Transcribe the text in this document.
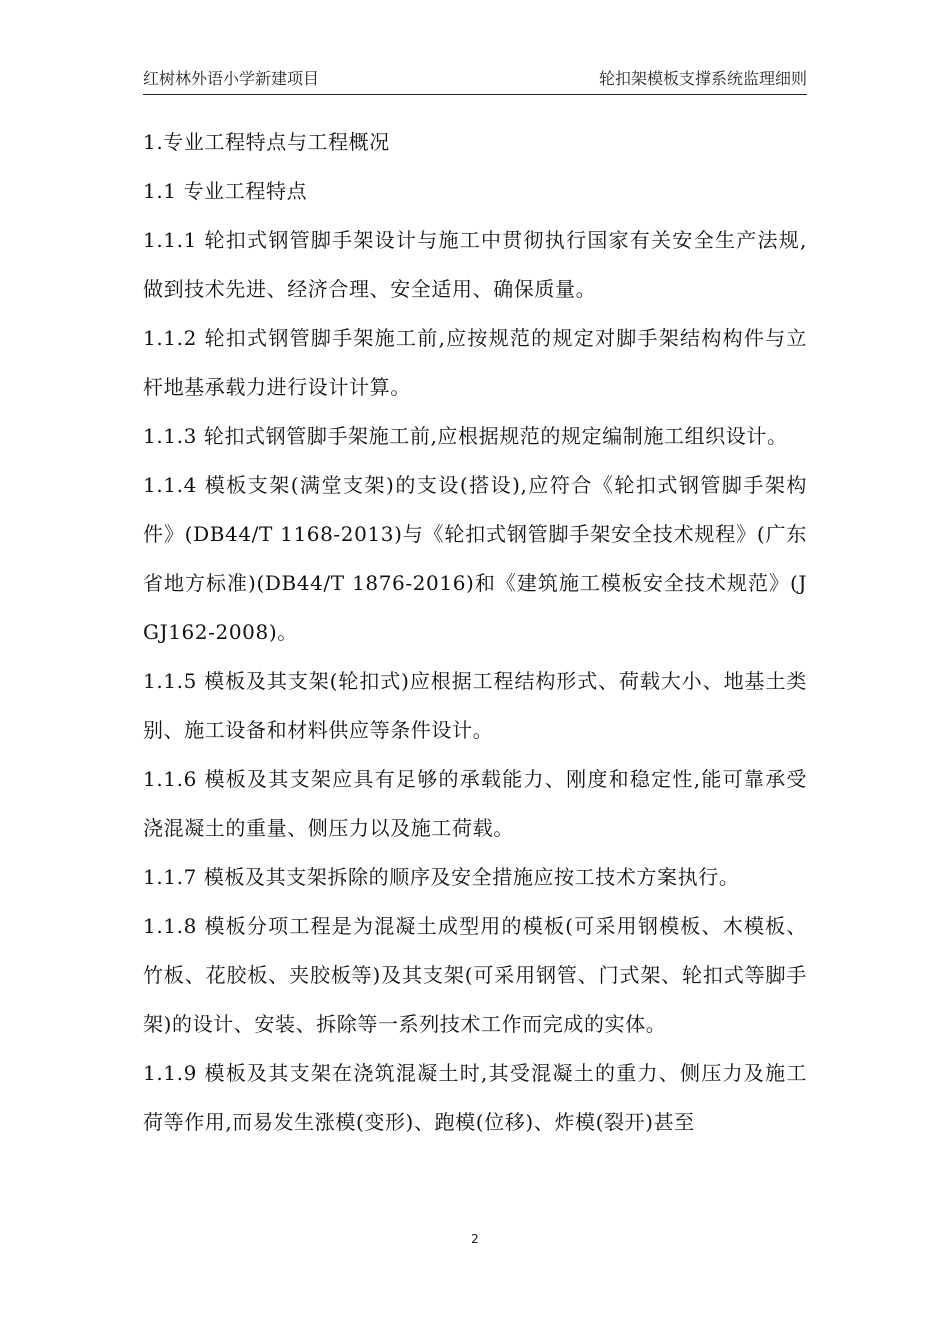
红树林外语小学新建项目	轮扣架模板支撑系统监理细则

1.专业工程特点与工程概况

1.1 专业工程特点

1.1.1 轮扣式钢管脚手架设计与施工中贯彻执行国家有关安全生产法规,做到技术先进、经济合理、安全适用、确保质量。

1.1.2 轮扣式钢管脚手架施工前,应按规范的规定对脚手架结构构件与立杆地基承载力进行设计计算。

1.1.3 轮扣式钢管脚手架施工前,应根据规范的规定编制施工组织设计。

1.1.4 模板支架(满堂支架)的支设(搭设),应符合《轮扣式钢管脚手架构件》(DB44/T 1168-2013)与《轮扣式钢管脚手架安全技术规程》(广东省地方标准)(DB44/T 1876-2016)和《建筑施工模板安全技术规范》(JGJ162-2008)。

1.1.5 模板及其支架(轮扣式)应根据工程结构形式、荷载大小、地基土类别、施工设备和材料供应等条件设计。

1.1.6 模板及其支架应具有足够的承载能力、刚度和稳定性,能可靠承受浇混凝土的重量、侧压力以及施工荷载。

1.1.7 模板及其支架拆除的顺序及安全措施应按工技术方案执行。

1.1.8 模板分项工程是为混凝土成型用的模板(可采用钢模板、木模板、竹板、花胶板、夹胶板等)及其支架(可采用钢管、门式架、轮扣式等脚手架)的设计、安装、拆除等一系列技术工作而完成的实体。

1.1.9 模板及其支架在浇筑混凝土时,其受混凝土的重力、侧压力及施工荷等作用,而易发生涨模(变形)、跑模(位移)、炸模(裂开)甚至

2
